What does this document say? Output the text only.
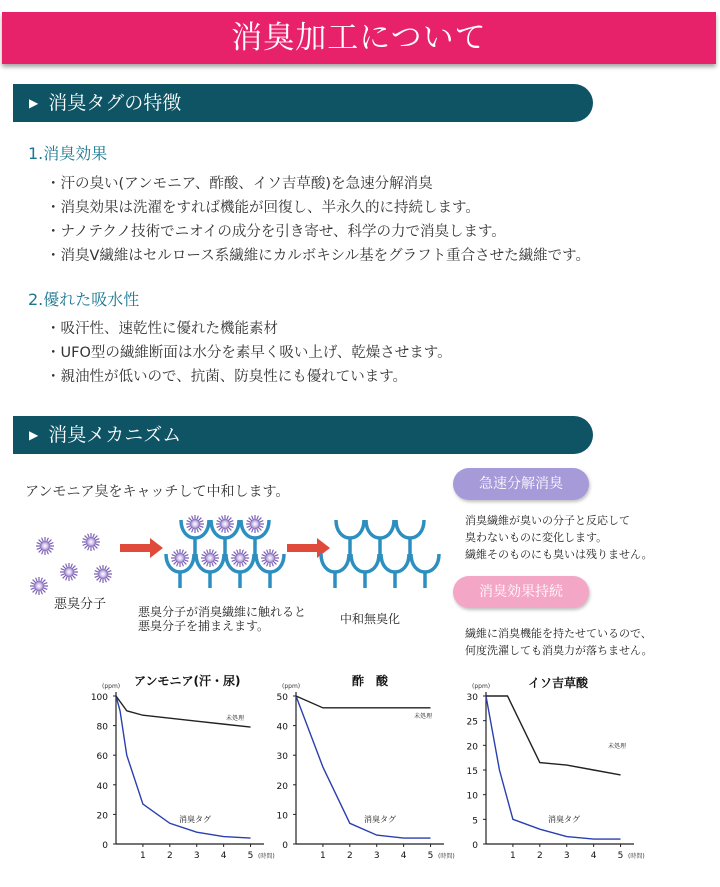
消臭加工について
▶ 消臭タグの特徴
1.消臭効果
・汗の臭い(アンモニア、酢酸、イソ吉草酸)を急速分解消臭
・消臭効果は洗濯をすれば機能が回復し、半永久的に持続します。
・ナノテクノ技術でニオイの成分を引き寄せ、科学の力で消臭します。
・消臭V繊維はセルロース系繊維にカルボキシル基をグラフト重合させた繊維です。
2.優れた吸水性
・吸汗性、速乾性に優れた機能素材
・UFO型の繊維断面は水分を素早く吸い上げ、乾燥させます。
・親油性が低いので、抗菌、防臭性にも優れています。
▶ 消臭メカニズム
アンモニア臭をキャッチして中和します。	急速分解消臭
消臭繊維が臭いの分子と反応して
臭わないものに変化します。
繊維そのものにも臭いは残りません。
消臭効果持続
繊維に消臭機能を持たせているので、
何度洗濯しても消臭力が落ちません。
悪臭分子	悪臭分子が消臭繊維に触れると
悪臭分子を捕まえます。	中和無臭化
アンモニア(汗・尿)	酢　酸	イソ吉草酸
0
20
40
60
80
100
1 2 3 4 5
(ppm)
(時間)
消臭タグ
未処理
0
10
20
30
40
50
1 2 3 4 5
(ppm)
(時間)
消臭タグ
未処理
0
5
10
15
20
25
30
1 2 3 4 5
(ppm)
(時間)
消臭タグ
未処理
